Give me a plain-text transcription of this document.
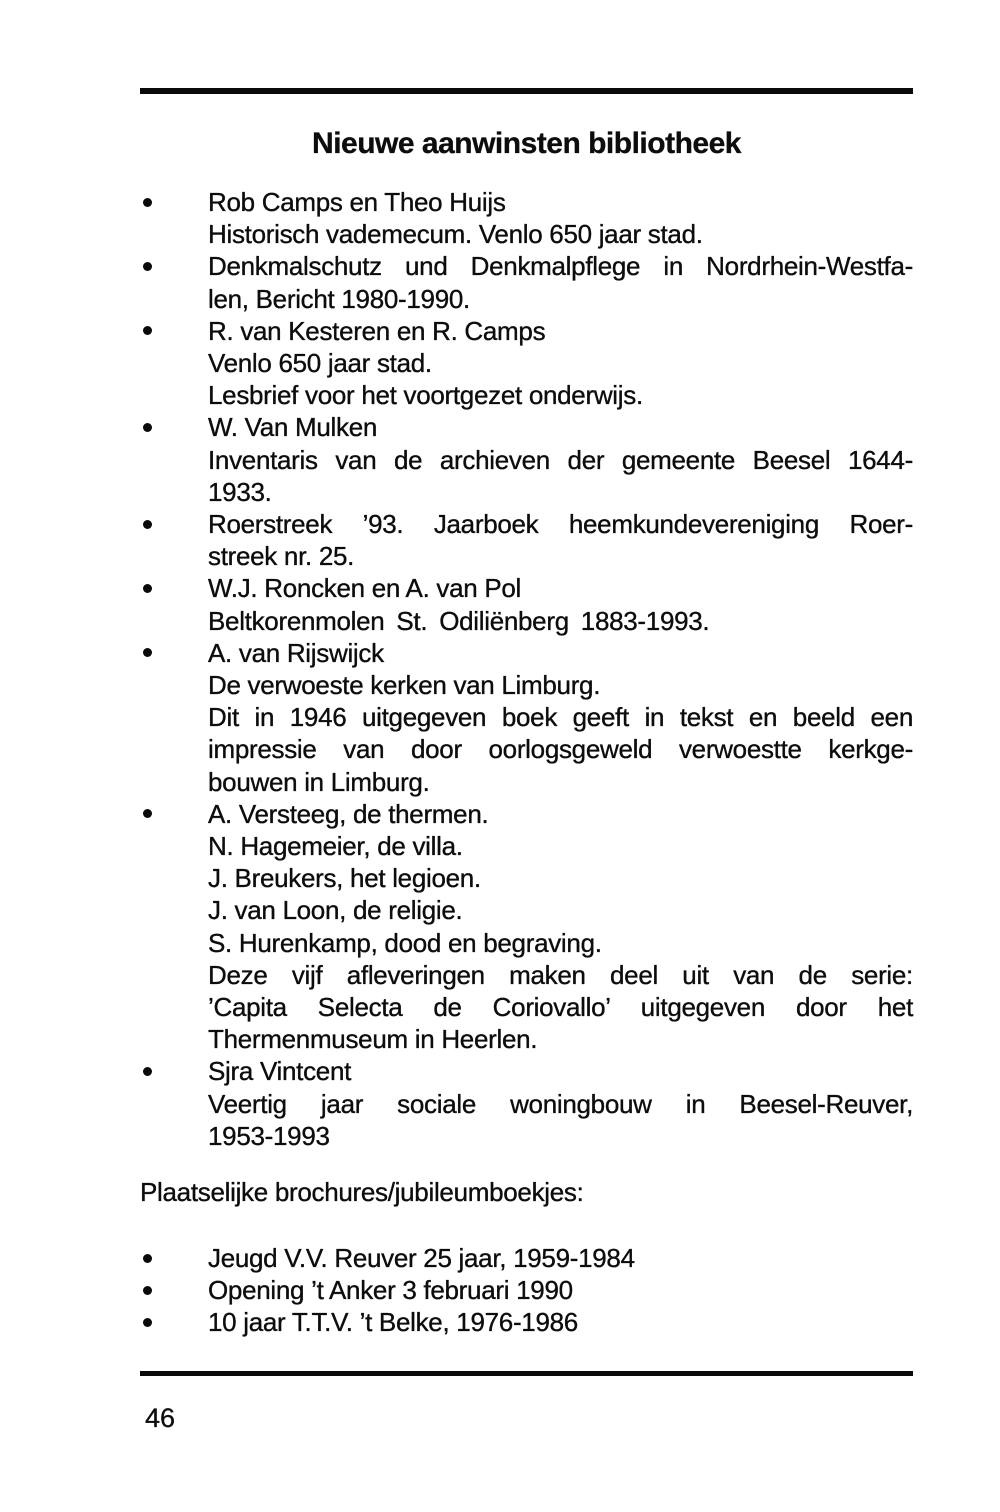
Nieuwe aanwinsten bibliotheek
Rob Camps en Theo Huijs
Historisch vademecum. Venlo 650 jaar stad.
Denkmalschutz und Denkmalpflege in Nordrhein-Westfa-
len, Bericht 1980-1990.
R. van Kesteren en R. Camps
Venlo 650 jaar stad.
Lesbrief voor het voortgezet onderwijs.
W. Van Mulken
Inventaris van de archieven der gemeente Beesel 1644-
1933.
Roerstreek ’93. Jaarboek heemkundevereniging Roer-
streek nr. 25.
W.J. Roncken en A. van Pol
Beltkorenmolen St. Odiliënberg 1883-1993.
A. van Rijswijck
De verwoeste kerken van Limburg.
Dit in 1946 uitgegeven boek geeft in tekst en beeld een
impressie van door oorlogsgeweld verwoestte kerkge-
bouwen in Limburg.
A. Versteeg, de thermen.
N. Hagemeier, de villa.
J. Breukers, het legioen.
J. van Loon, de religie.
S. Hurenkamp, dood en begraving.
Deze vijf afleveringen maken deel uit van de serie:
’Capita Selecta de Coriovallo’ uitgegeven door het
Thermenmuseum in Heerlen.
Sjra Vintcent
Veertig jaar sociale woningbouw in Beesel-Reuver,
1953-1993
Plaatselijke brochures/jubileumboekjes:
Jeugd V.V. Reuver 25 jaar, 1959-1984
Opening ’t Anker 3 februari 1990
10 jaar T.T.V. ’t Belke, 1976-1986
46
